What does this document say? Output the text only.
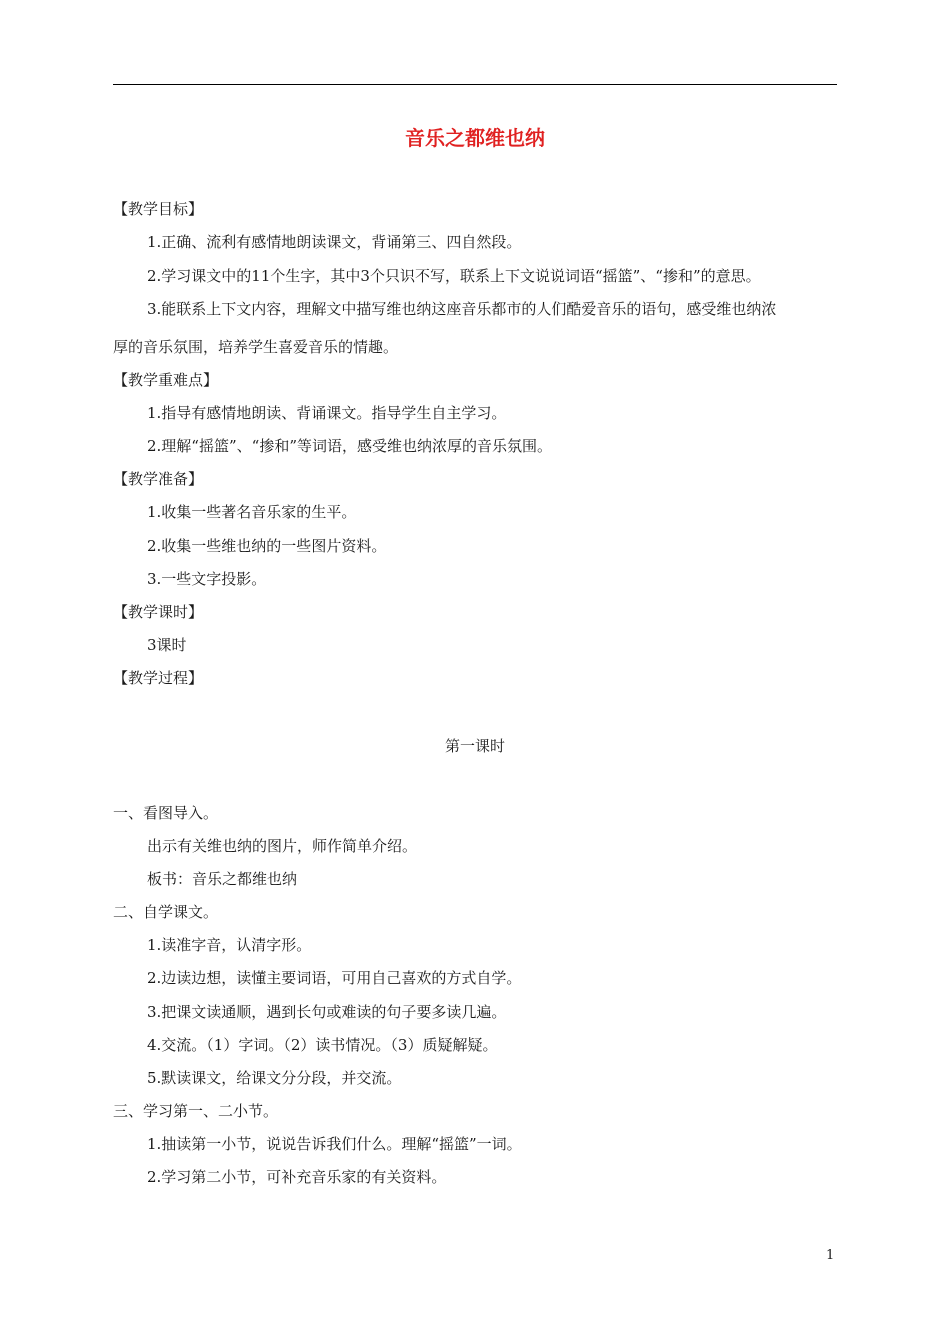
音乐之都维也纳
【教学目标】
1.正确、流利有感情地朗读课文，背诵第三、四自然段。
2.学习课文中的11个生字，其中3个只识不写，联系上下文说说词语“摇篮”、“掺和”的意思。
3.能联系上下文内容，理解文中描写维也纳这座音乐都市的人们酷爱音乐的语句，感受维也纳浓
厚的音乐氛围，培养学生喜爱音乐的情趣。
【教学重难点】
1.指导有感情地朗读、背诵课文。指导学生自主学习。
2.理解“摇篮”、“掺和”等词语，感受维也纳浓厚的音乐氛围。
【教学准备】
1.收集一些著名音乐家的生平。
2.收集一些维也纳的一些图片资料。
3.一些文字投影。
【教学课时】
3课时
【教学过程】
第一课时
一、看图导入。
出示有关维也纳的图片，师作简单介绍。
板书：音乐之都维也纳
二、自学课文。
1.读准字音，认清字形。
2.边读边想，读懂主要词语，可用自己喜欢的方式自学。
3.把课文读通顺，遇到长句或难读的句子要多读几遍。
4.交流。（1）字词。（2）读书情况。（3）质疑解疑。
5.默读课文，给课文分分段，并交流。
三、学习第一、二小节。
1.抽读第一小节，说说告诉我们什么。理解“摇篮”一词。
2.学习第二小节，可补充音乐家的有关资料。
1
